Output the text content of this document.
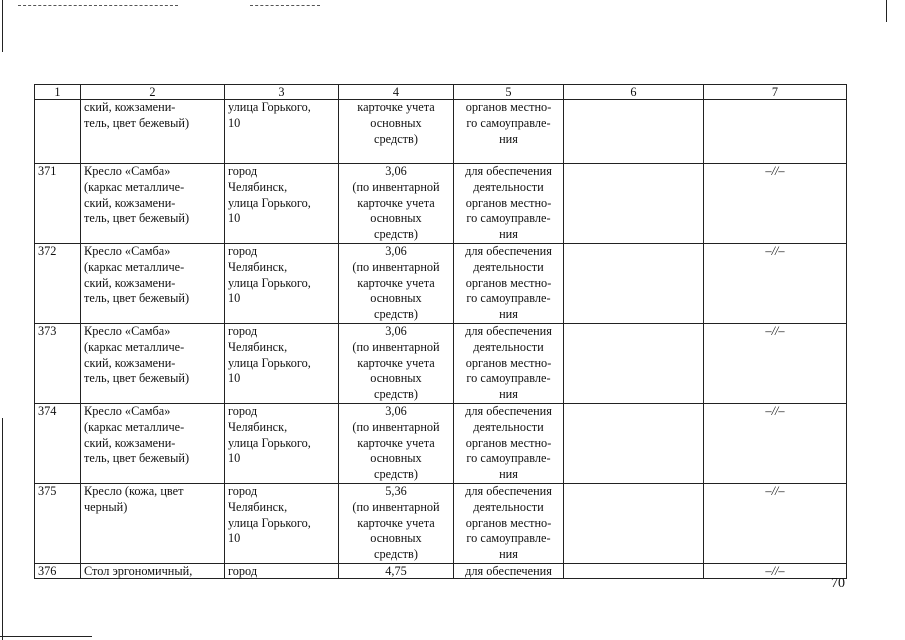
1	2	3	4	5	6	7
	ский, кожзамени-
тель, цвет бежевый)	улица Горького,
10	карточке учета
основных
средств)	органов местно-
го самоуправле-
ния		
371	Кресло «Самба»
(каркас металличе-
ский, кожзамени-
тель, цвет бежевый)	город
Челябинск,
улица Горького,
10	3,06
(по инвентарной
карточке учета
основных
средств)	для обеспечения
деятельности
органов местно-
го самоуправле-
ния		–//–
372	Кресло «Самба»
(каркас металличе-
ский, кожзамени-
тель, цвет бежевый)	город
Челябинск,
улица Горького,
10	3,06
(по инвентарной
карточке учета
основных
средств)	для обеспечения
деятельности
органов местно-
го самоуправле-
ния		–//–
373	Кресло «Самба»
(каркас металличе-
ский, кожзамени-
тель, цвет бежевый)	город
Челябинск,
улица Горького,
10	3,06
(по инвентарной
карточке учета
основных
средств)	для обеспечения
деятельности
органов местно-
го самоуправле-
ния		–//–
374	Кресло «Самба»
(каркас металличе-
ский, кожзамени-
тель, цвет бежевый)	город
Челябинск,
улица Горького,
10	3,06
(по инвентарной
карточке учета
основных
средств)	для обеспечения
деятельности
органов местно-
го самоуправле-
ния		–//–
375	Кресло (кожа, цвет
черный)	город
Челябинск,
улица Горького,
10	5,36
(по инвентарной
карточке учета
основных
средств)	для обеспечения
деятельности
органов местно-
го самоуправле-
ния		–//–
376	Стол эргономичный,	город	4,75	для обеспечения		–//–
70
